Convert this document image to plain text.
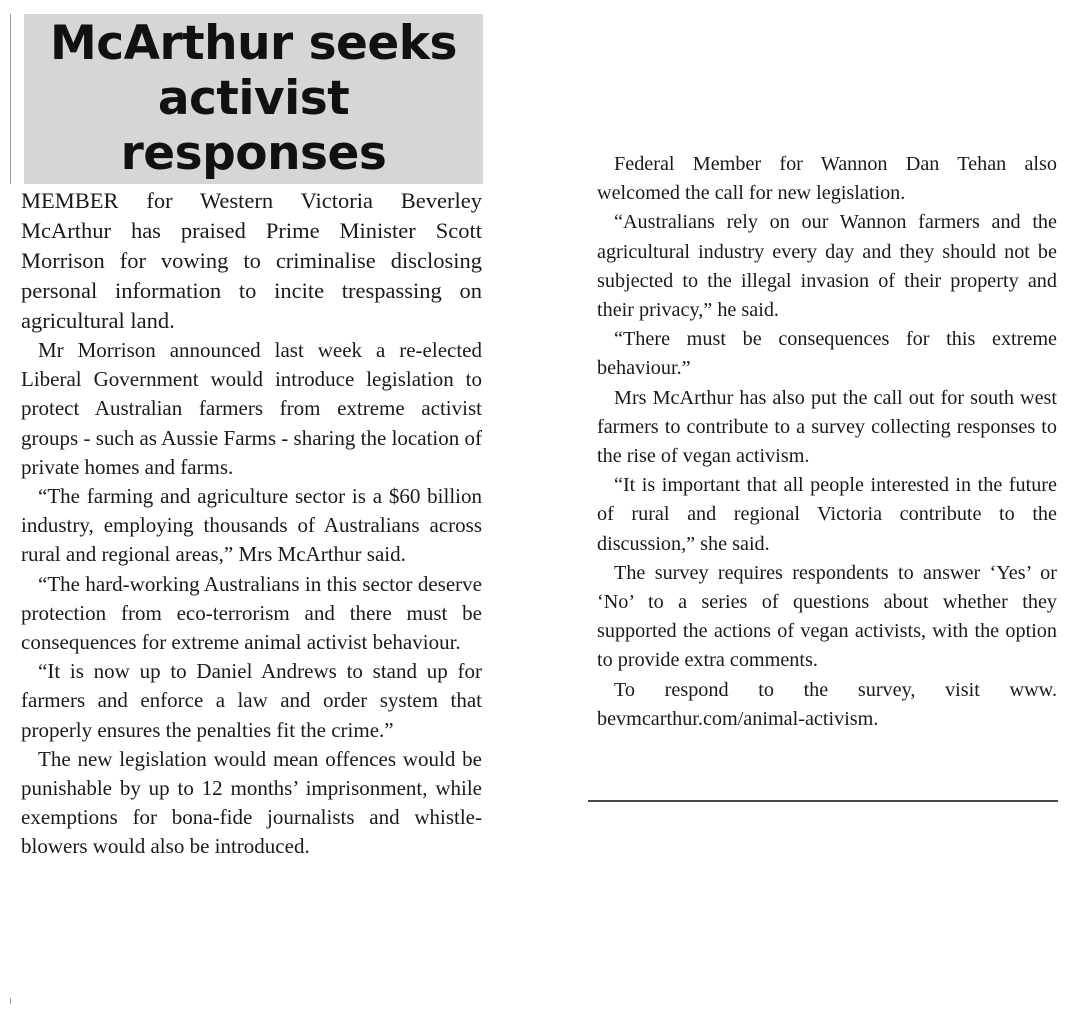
McArthur seeks activist responses

MEMBER for Western Victoria Beverley McArthur has praised Prime Minister Scott Morrison for vowing to criminalise disclosing personal information to incite trespassing on agricultural land.

Mr Morrison announced last week a re-elected Liberal Government would introduce legislation to protect Australian farmers from extreme activist groups - such as Aussie Farms - sharing the location of private homes and farms.

“The farming and agriculture sector is a $60 billion industry, employing thousands of Australians across rural and regional areas,” Mrs McArthur said.

“The hard-working Australians in this sector deserve protection from eco-terrorism and there must be consequences for extreme animal activist behaviour.

“It is now up to Daniel Andrews to stand up for farmers and enforce a law and order system that properly ensures the penalties fit the crime.”

The new legislation would mean offences would be punishable by up to 12 months’ imprisonment, while exemptions for bona-fide journalists and whistle-blowers would also be introduced.

Federal Member for Wannon Dan Tehan also welcomed the call for new legislation.

“Australians rely on our Wannon farmers and the agricultural industry every day and they should not be subjected to the illegal invasion of their property and their privacy,” he said.

“There must be consequences for this extreme behaviour.”

Mrs McArthur has also put the call out for south west farmers to contribute to a survey collecting responses to the rise of vegan activism.

“It is important that all people interested in the future of rural and regional Victoria contribute to the discussion,” she said.

The survey requires respondents to answer ‘Yes’ or ‘No’ to a series of questions about whether they supported the actions of vegan activists, with the option to provide extra comments.

To respond to the survey, visit www. bevmcarthur.com/animal-activism.
